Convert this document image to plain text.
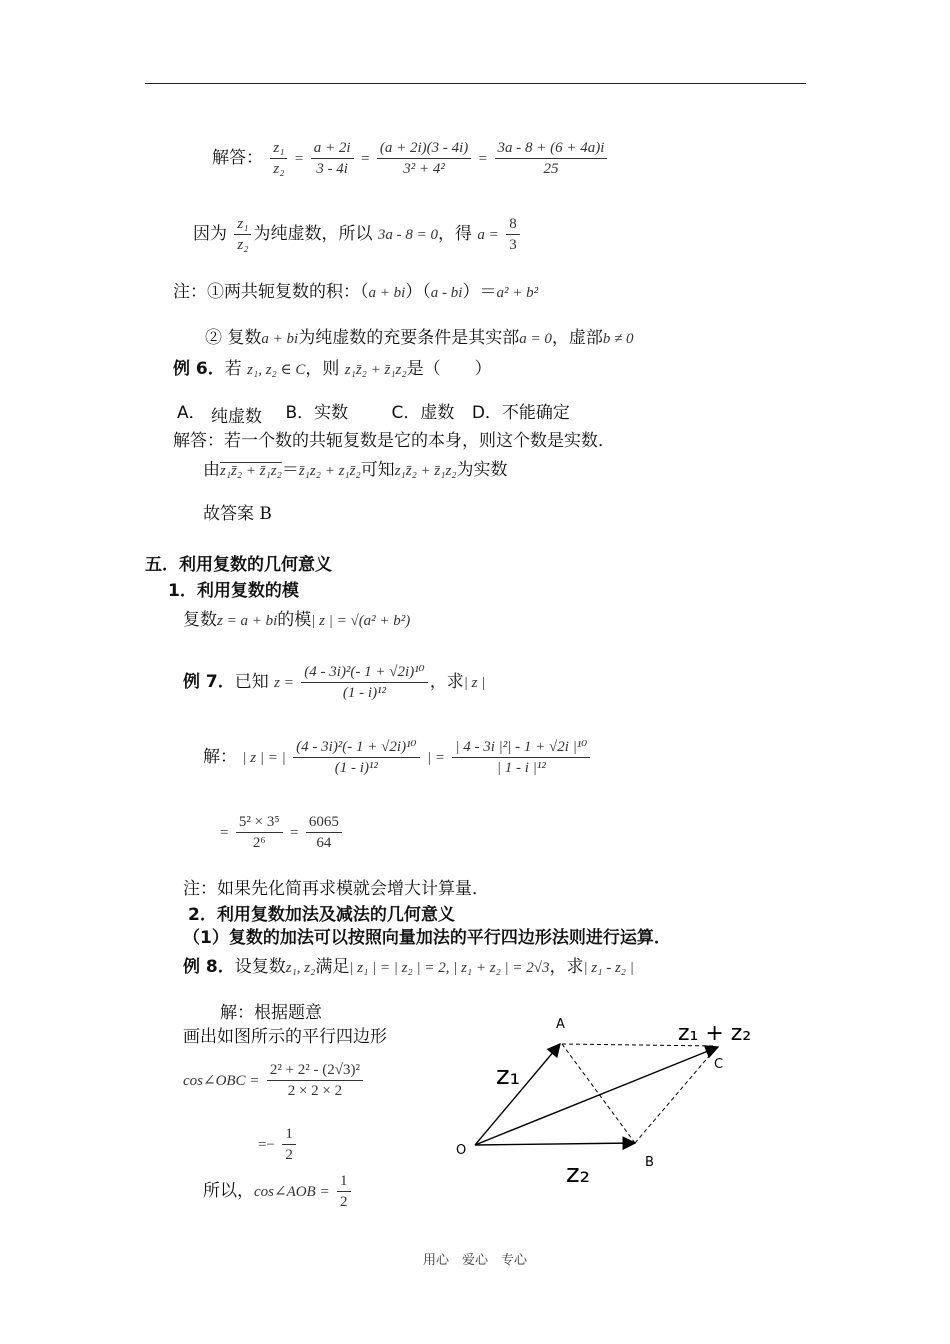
解答： $\frac{\text{z₁}}{\text{z₂}} = \frac{a + 2i}{3 - 4i} = \frac{(a + 2i)(3 - 4i)}{\text{3² + 4²}} = \frac{3a - 8 + (6 + 4a)i}{25}$
因为 $\frac{\text{z₁}}{\text{z₂}}$ 为纯虚数，所以 3a - 8 = 0，得 $a = \frac{8}{3}$
注：①两共轭复数的积：（a + bi）（a - bi）＝a² + b²
② 复数a + bi为纯虚数的充要条件是其实部a = 0，虚部b ≠ 0
例 6．若 z₁, z₂ ∈ C，则 z₁z̄₂ + z̄₁z₂是（　　）
A． 纯虚数 B．实数	C．虚数 D．不能确定
解答：若一个数的共轭复数是它的本身，则这个数是实数．
由z₁z̄₂ + z̄₁z₂＝z̄₁z₂ + z₁z̄₂可知z₁z̄₂ + z̄₁z₂为实数
故答案 B
五．利用复数的几何意义
1．利用复数的模
复数z = a + bi的模| z | = √(a² + b²)
例 7．已知 $z = \frac{\text{(4 - 3i)²(- 1 + √2i)¹⁰}}{\text{(1 - i)¹²}}$ ，求| z |
解： | z | = | $\frac{\text{(4 - 3i)²(- 1 + √2i)¹⁰}}{\text{(1 - i)¹²}}$ | = $\frac{\text{| 4 - 3i |²| - 1 + √2i |¹⁰}}{\text{| 1 - i |¹²}}$
= $\frac{\text{5² × 3⁵}}{\text{2⁶}} = \frac{6065}{64}$
注：如果先化简再求模就会增大计算量．
2．利用复数加法及减法的几何意义
（1）复数的加法可以按照向量加法的平行四边形法则进行运算．
例 8．设复数z₁, z₂满足| z₁ | = | z₂ | = 2, | z₁ + z₂ | = 2√3，求| z₁ - z₂ |
解：根据题意
画出如图所示的平行四边形
cos∠OBC = $\frac{\text{2² + 2² - (2√3)²}}{2 \times 2 \times 2}$
=− $\frac{1}{2}$
所以，cos∠AOB = $\frac{1}{2}$
A
B
C
O
z₁
z₂
z₁ + z₂
用心　爱心　专心
